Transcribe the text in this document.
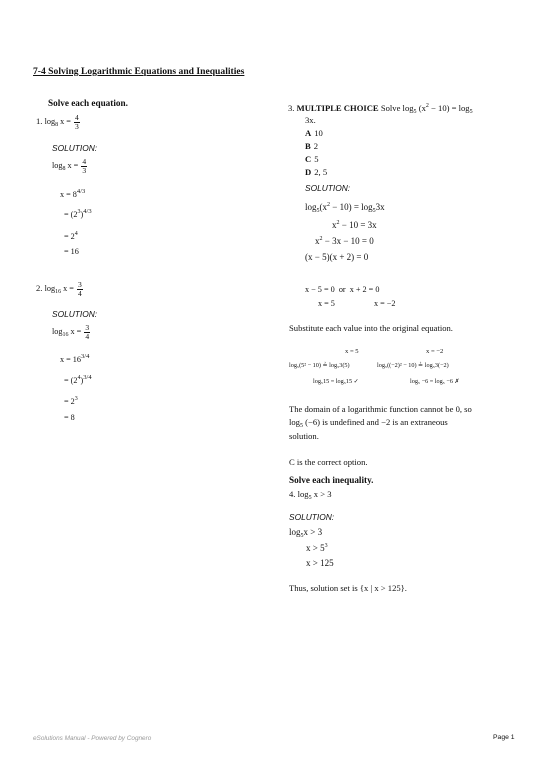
7-4 Solving Logarithmic Equations and Inequalities
Solve each equation.
1. $\log_8 x = \frac{4}{3}$
SOLUTION:
$\log_8 x = \frac{4}{3}$
$x = 8^{4/3}$
= $(2^3)^{4/3}$
= $2^4$
= 16
2. $\log_{16} x = \frac{3}{4}$
SOLUTION:
$\log_{16} x = \frac{3}{4}$
$x = 16^{3/4}$
= $(2^4)^{3/4}$
= $2^3$
= 8
3. MULTIPLE CHOICE Solve $\log_5 (x^2 - 10) = \log_5$
3x.
A 10
B 2
C 5
D 2, 5
SOLUTION:
$\log_5(x^2 - 10) = \log_53x$
$x^2 - 10 = 3x$
$x^2 - 3x - 10 = 0$
(x − 5)(x + 2) = 0
x − 5 = 0 or x + 2 = 0
x = 5	x = −2
Substitute each value into the original equation.
x = 5	x = −2
log₅(5² − 10) ≟ log₅3(5)	log₅((−2)² − 10) ≟ log₅3(−2)
log₅15 = log₅15 ✓	log₅ −6 = log₅ −6 ✗
The domain of a logarithmic function cannot be 0, so
$\log_5 (-6)$ is undefined and −2 is an extraneous
solution.
C is the correct option.
Solve each inequality.
4. $\log_5 x > 3$
SOLUTION:
$\log_5x > 3$
$x > 5^3$
x > 125
Thus, solution set is {x | x > 125}.
eSolutions Manual - Powered by Cognero	Page 1
